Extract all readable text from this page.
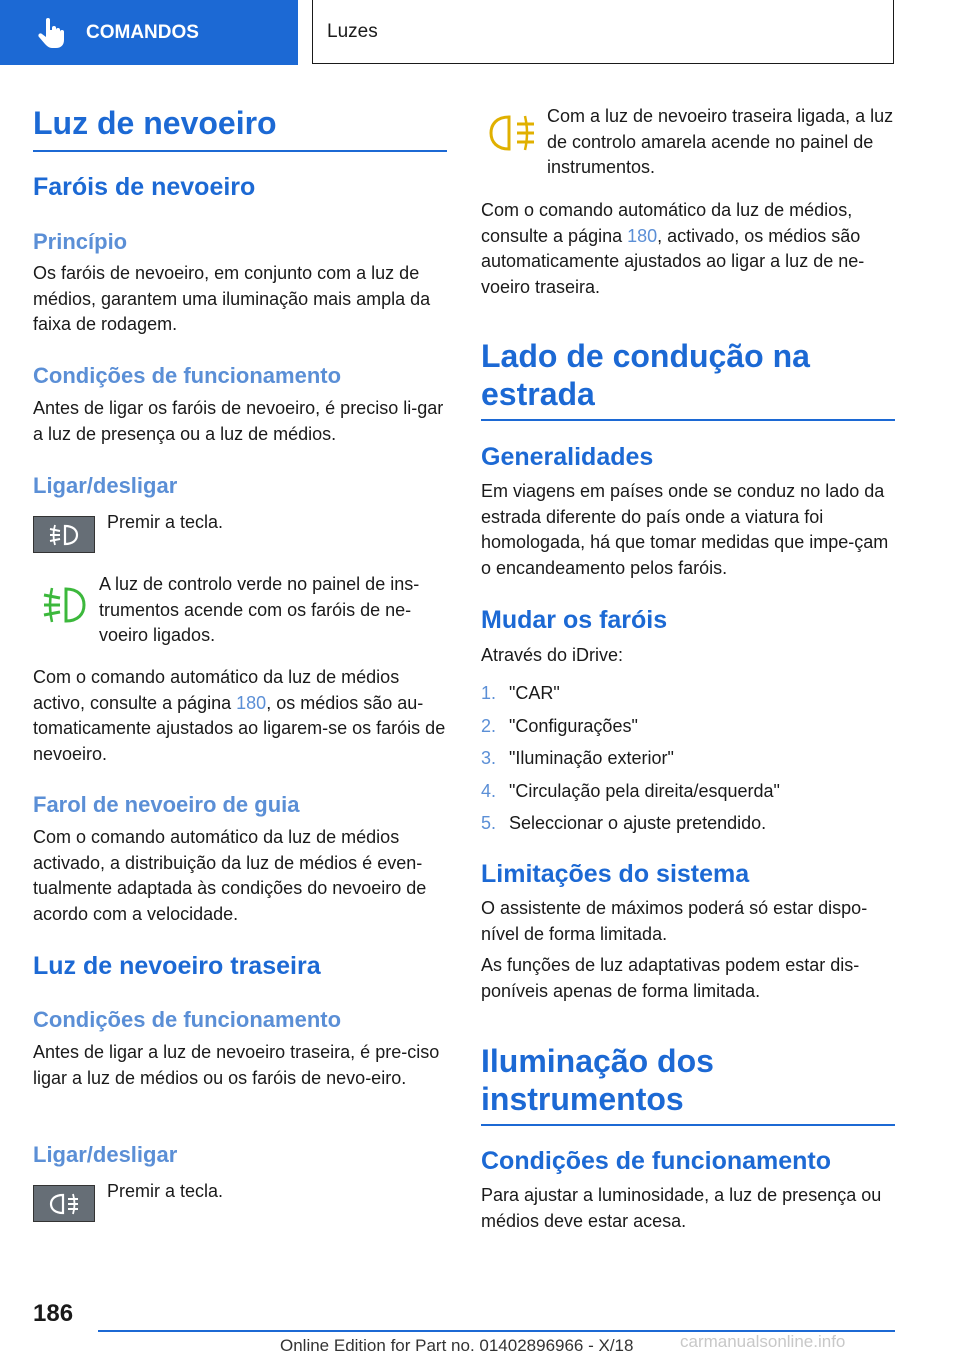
COMANDOS	Luzes
Luz de nevoeiro
Faróis de nevoeiro
Princípio
Os faróis de nevoeiro, em conjunto com a luz de médios, garantem uma iluminação mais ampla da faixa de rodagem.
Condições de funcionamento
Antes de ligar os faróis de nevoeiro, é preciso li-gar a luz de presença ou a luz de médios.
Ligar/desligar
Premir a tecla.
A luz de controlo verde no painel de ins-trumentos acende com os faróis de ne-voeiro ligados.
Com o comando automático da luz de médios activo, consulte a página 180, os médios são au-tomaticamente ajustados ao ligarem-se os faróis de nevoeiro.
Farol de nevoeiro de guia
Com o comando automático da luz de médios activado, a distribuição da luz de médios é even-tualmente adaptada às condições do nevoeiro de acordo com a velocidade.
Luz de nevoeiro traseira
Condições de funcionamento
Antes de ligar a luz de nevoeiro traseira, é pre-ciso ligar a luz de médios ou os faróis de nevo-eiro.
Ligar/desligar
Premir a tecla.
Com a luz de nevoeiro traseira ligada, a luz de controlo amarela acende no painel de instrumentos.
Com o comando automático da luz de médios, consulte a página 180, activado, os médios são automaticamente ajustados ao ligar a luz de ne-voeiro traseira.
Lado de condução na estrada
Generalidades
Em viagens em países onde se conduz no lado da estrada diferente do país onde a viatura foi homologada, há que tomar medidas que impe-çam o encandeamento pelos faróis.
Mudar os faróis
Através do iDrive:
1. "CAR"
2. "Configurações"
3. "Iluminação exterior"
4. "Circulação pela direita/esquerda"
5. Seleccionar o ajuste pretendido.
Limitações do sistema
O assistente de máximos poderá só estar dispo-nível de forma limitada.
As funções de luz adaptativas podem estar dis-poníveis apenas de forma limitada.
Iluminação dos instrumentos
Condições de funcionamento
Para ajustar a luminosidade, a luz de presença ou médios deve estar acesa.
186
Online Edition for Part no. 01402896966 - X/18	carmanualsonline.info
